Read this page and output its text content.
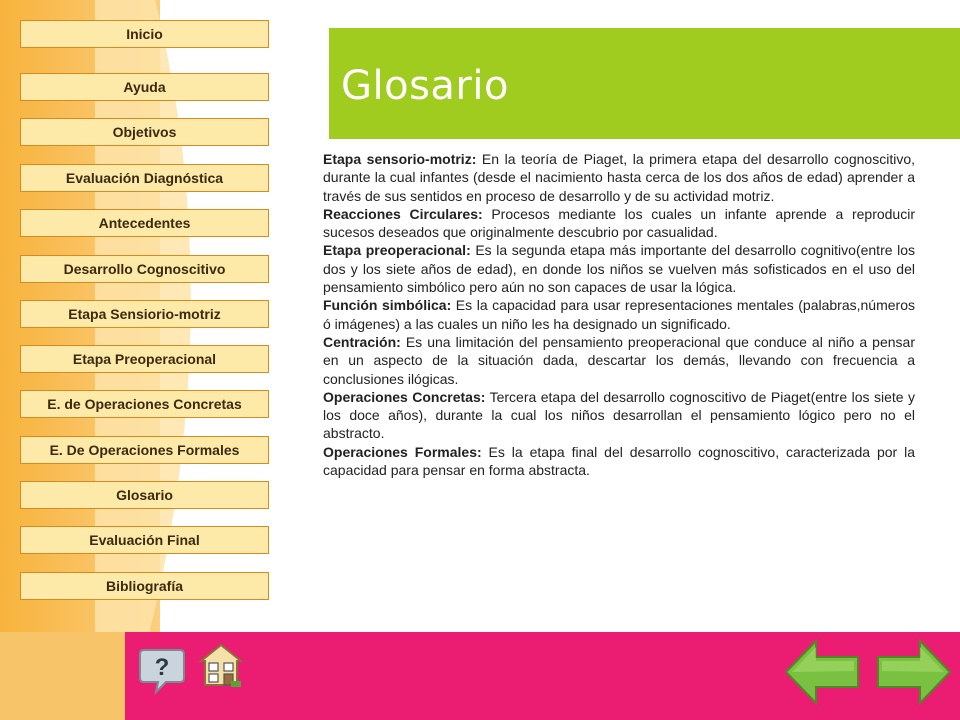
Inicio
Ayuda
Objetivos
Evaluación Diagnóstica
Antecedentes
Desarrollo Cognoscitivo
Etapa Sensiorio-motriz
Etapa Preoperacional
E. de Operaciones Concretas
E. De Operaciones Formales
Glosario
Evaluación Final
Bibliografía
Glosario

Etapa sensorio-motriz: En la teoría de Piaget, la primera etapa del desarrollo cognoscitivo, durante la cual infantes (desde el nacimiento hasta cerca de los dos años de edad) aprender a través de sus sentidos en proceso de desarrollo y de su actividad motriz.

Reacciones Circulares: Procesos mediante los cuales un infante aprende a reproducir sucesos deseados que originalmente descubrio por casualidad.

Etapa preoperacional: Es la segunda etapa más importante del desarrollo cognitivo(entre los dos y los siete años de edad), en donde los niños se vuelven más sofisticados en el uso del pensamiento simbólico pero aún no son capaces de usar la lógica.

Función simbólica: Es la capacidad para usar representaciones mentales (palabras,números ó imágenes) a las cuales un niño les ha designado un significado.

Centración: Es una limitación del pensamiento preoperacional que conduce al niño a pensar en un aspecto de la situación dada, descartar los demás, llevando con frecuencia a conclusiones ilógicas.

Operaciones Concretas: Tercera etapa del desarrollo cognoscitivo de Piaget(entre los siete y los doce años), durante la cual los niños desarrollan el pensamiento lógico pero no el abstracto.

Operaciones Formales: Es la etapa final del desarrollo cognoscitivo, caracterizada por la capacidad para pensar en forma abstracta.

?
